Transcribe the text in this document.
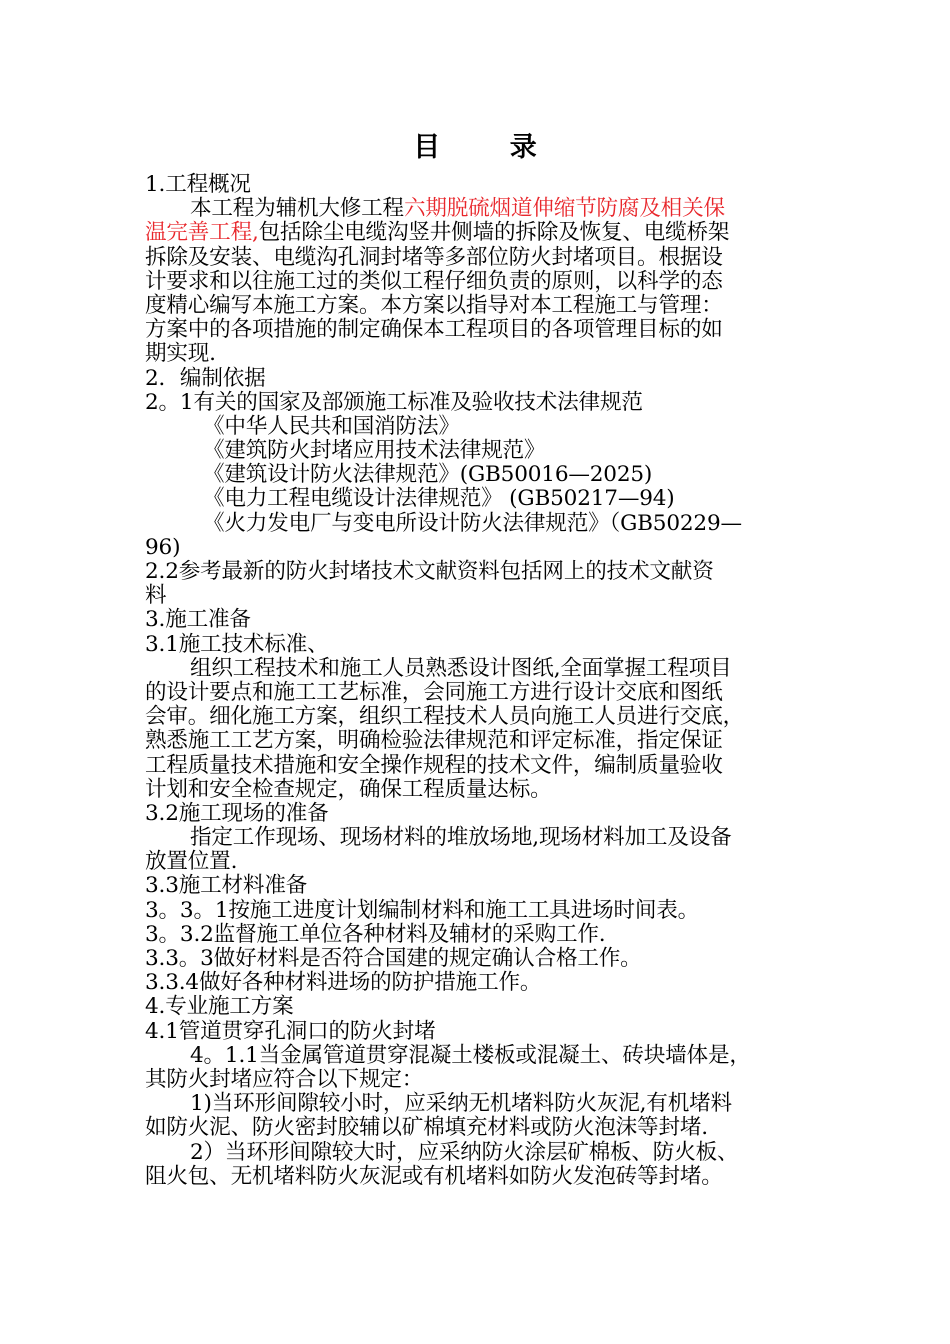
目 录
1.工程概况
本工程为辅机大修工程六期脱硫烟道伸缩节防腐及相关保
温完善工程,包括除尘电缆沟竖井侧墙的拆除及恢复、电缆桥架
拆除及安装、电缆沟孔洞封堵等多部位防火封堵项目。根据设
计要求和以往施工过的类似工程仔细负责的原则，以科学的态
度精心编写本施工方案。本方案以指导对本工程施工与管理：
方案中的各项措施的制定确保本工程项目的各项管理目标的如
期实现.
2．编制依据
2。1有关的国家及部颁施工标准及验收技术法律规范
《中华人民共和国消防法》
《建筑防火封堵应用技术法律规范》
《建筑设计防火法律规范》(GB50016—2025)
《电力工程电缆设计法律规范》 (GB50217—94)
《火力发电厂与变电所设计防火法律规范》（GB50229—
96)
2.2参考最新的防火封堵技术文献资料包括网上的技术文献资
料
3.施工准备
3.1施工技术标准、
组织工程技术和施工人员熟悉设计图纸,全面掌握工程项目
的设计要点和施工工艺标准，会同施工方进行设计交底和图纸
会审。细化施工方案，组织工程技术人员向施工人员进行交底，
熟悉施工工艺方案，明确检验法律规范和评定标准，指定保证
工程质量技术措施和安全操作规程的技术文件，编制质量验收
计划和安全检查规定，确保工程质量达标。
3.2施工现场的准备
指定工作现场、现场材料的堆放场地,现场材料加工及设备
放置位置.
3.3施工材料准备
3。3。1按施工进度计划编制材料和施工工具进场时间表。
3。3.2监督施工单位各种材料及辅材的采购工作.
3.3。3做好材料是否符合国建的规定确认合格工作。
3.3.4做好各种材料进场的防护措施工作。
4.专业施工方案
4.1管道贯穿孔洞口的防火封堵
4。1.1当金属管道贯穿混凝土楼板或混凝土、砖块墙体是，
其防火封堵应符合以下规定：
1)当环形间隙较小时，应采纳无机堵料防火灰泥,有机堵料
如防火泥、防火密封胶辅以矿棉填充材料或防火泡沫等封堵.
2）当环形间隙较大时，应采纳防火涂层矿棉板、防火板、
阻火包、无机堵料防火灰泥或有机堵料如防火发泡砖等封堵。
